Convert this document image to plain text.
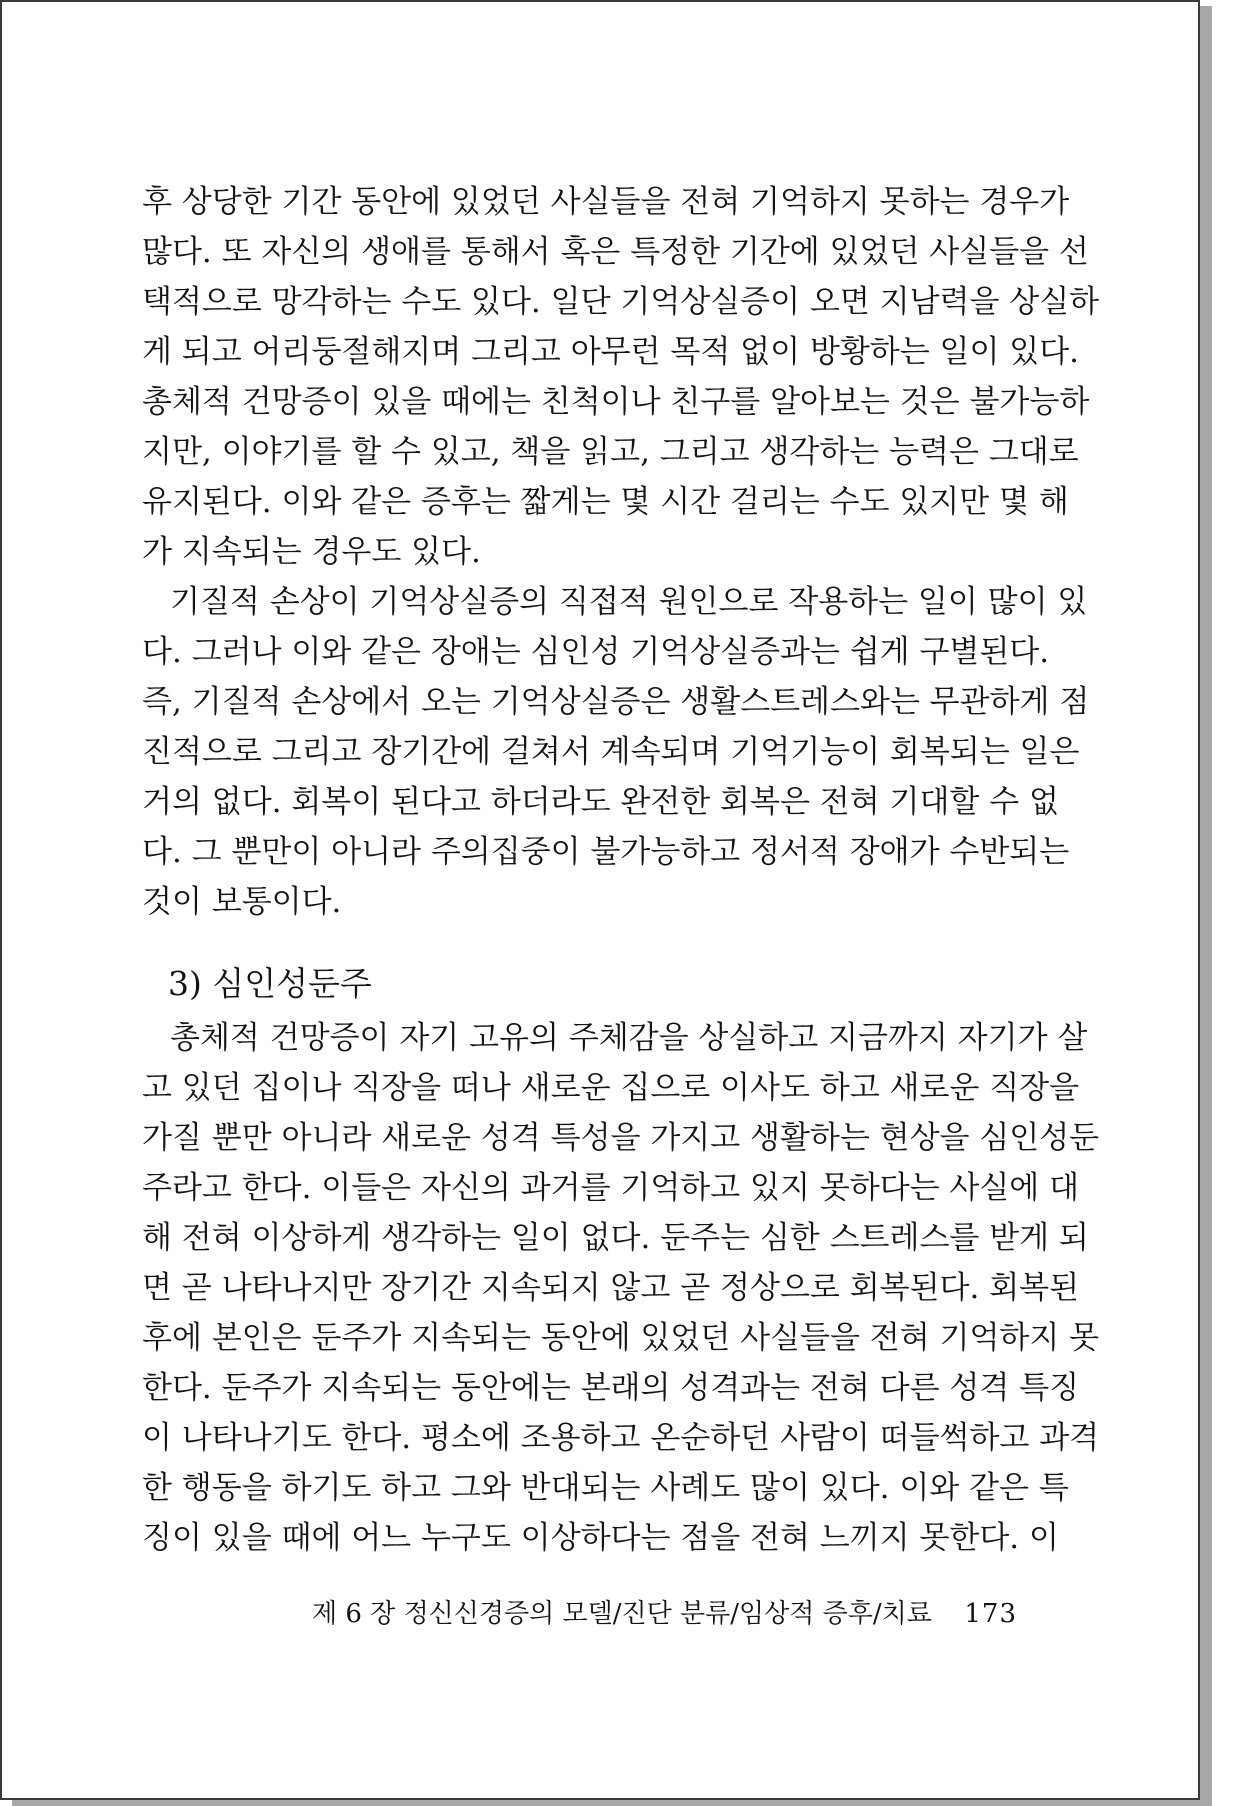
후 상당한 기간 동안에 있었던 사실들을 전혀 기억하지 못하는 경우가
많다. 또 자신의 생애를 통해서 혹은 특정한 기간에 있었던 사실들을 선
택적으로 망각하는 수도 있다. 일단 기억상실증이 오면 지남력을 상실하
게 되고 어리둥절해지며 그리고 아무런 목적 없이 방황하는 일이 있다.
총체적 건망증이 있을 때에는 친척이나 친구를 알아보는 것은 불가능하
지만, 이야기를 할 수 있고, 책을 읽고, 그리고 생각하는 능력은 그대로
유지된다. 이와 같은 증후는 짧게는 몇 시간 걸리는 수도 있지만 몇 해
가 지속되는 경우도 있다.
기질적 손상이 기억상실증의 직접적 원인으로 작용하는 일이 많이 있
다. 그러나 이와 같은 장애는 심인성 기억상실증과는 쉽게 구별된다.
즉, 기질적 손상에서 오는 기억상실증은 생활스트레스와는 무관하게 점
진적으로 그리고 장기간에 걸쳐서 계속되며 기억기능이 회복되는 일은
거의 없다. 회복이 된다고 하더라도 완전한 회복은 전혀 기대할 수 없
다. 그 뿐만이 아니라 주의집중이 불가능하고 정서적 장애가 수반되는
것이 보통이다.
3) 심인성둔주
총체적 건망증이 자기 고유의 주체감을 상실하고 지금까지 자기가 살
고 있던 집이나 직장을 떠나 새로운 집으로 이사도 하고 새로운 직장을
가질 뿐만 아니라 새로운 성격 특성을 가지고 생활하는 현상을 심인성둔
주라고 한다. 이들은 자신의 과거를 기억하고 있지 못하다는 사실에 대
해 전혀 이상하게 생각하는 일이 없다. 둔주는 심한 스트레스를 받게 되
면 곧 나타나지만 장기간 지속되지 않고 곧 정상으로 회복된다. 회복된
후에 본인은 둔주가 지속되는 동안에 있었던 사실들을 전혀 기억하지 못
한다. 둔주가 지속되는 동안에는 본래의 성격과는 전혀 다른 성격 특징
이 나타나기도 한다. 평소에 조용하고 온순하던 사람이 떠들썩하고 과격
한 행동을 하기도 하고 그와 반대되는 사례도 많이 있다. 이와 같은 특
징이 있을 때에 어느 누구도 이상하다는 점을 전혀 느끼지 못한다. 이
제 6 장 정신신경증의 모델/진단 분류/임상적 증후/치료 173
